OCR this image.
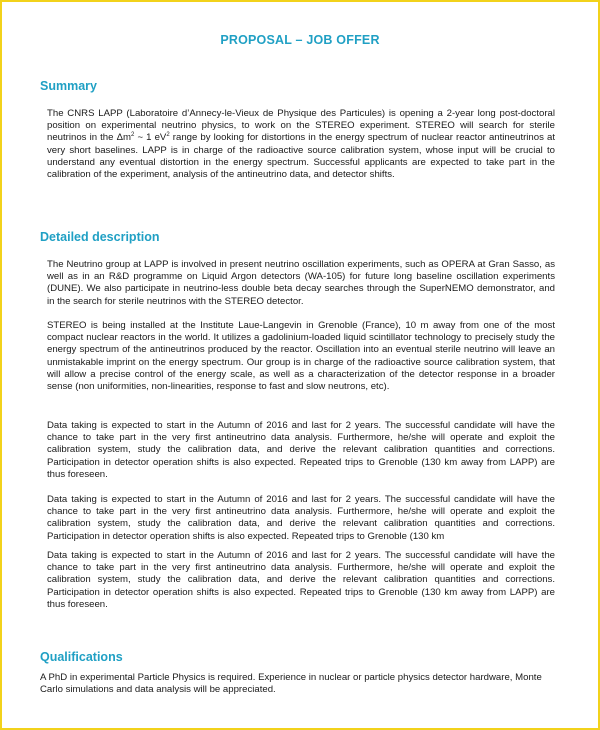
PROPOSAL – JOB OFFER
Summary

The CNRS LAPP (Laboratoire d’Annecy-le-Vieux de Physique des Particules) is opening a 2-year long post-doctoral position on experimental neutrino physics, to work on the STEREO experiment. STEREO will search for sterile neutrinos in the $\Delta m^2$ ~ 1 $eV^2$ range by looking for distortions in the energy spectrum of nuclear reactor antineutrinos at very short baselines. LAPP is in charge of the radioactive source calibration system, whose input will be crucial to understand any eventual distortion in the energy spectrum. Successful applicants are expected to take part in the calibration of the experiment, analysis of the antineutrino data, and detector shifts.

Detailed description

The Neutrino group at LAPP is involved in present neutrino oscillation experiments, such as OPERA at Gran Sasso, as well as in an R&D programme on Liquid Argon detectors (WA-105) for future long baseline oscillation experiments (DUNE). We also participate in neutrino-less double beta decay searches through the SuperNEMO demonstrator, and in the search for sterile neutrinos with the STEREO detector.

STEREO is being installed at the Institute Laue-Langevin in Grenoble (France), 10 m away from one of the most compact nuclear reactors in the world. It utilizes a gadolinium-loaded liquid scintillator technology to precisely study the energy spectrum of the antineutrinos produced by the reactor. Oscillation into an eventual sterile neutrino will leave an unmistakable imprint on the energy spectrum. Our group is in charge of the radioactive source calibration system, that will allow a precise control of the energy scale, as well as a characterization of the detector response in a broader sense (non uniformities, non-linearities, response to fast and slow neutrons, etc).

Data taking is expected to start in the Autumn of 2016 and last for 2 years. The successful candidate will have the chance to take part in the very first antineutrino data analysis. Furthermore, he/she will operate and exploit the calibration system, study the calibration data, and derive the relevant calibration quantities and corrections. Participation in detector operation shifts is also expected. Repeated trips to Grenoble (130 km away from LAPP) are thus foreseen.

Data taking is expected to start in the Autumn of 2016 and last for 2 years. The successful candidate will have the chance to take part in the very first antineutrino data analysis. Furthermore, he/she will operate and exploit the calibration system, study the calibration data, and derive the relevant calibration quantities and corrections. Participation in detector operation shifts is also expected. Repeated trips to Grenoble (130 km

Data taking is expected to start in the Autumn of 2016 and last for 2 years. The successful candidate will have the chance to take part in the very first antineutrino data analysis. Furthermore, he/she will operate and exploit the calibration system, study the calibration data, and derive the relevant calibration quantities and corrections. Participation in detector operation shifts is also expected. Repeated trips to Grenoble (130 km away from LAPP) are thus foreseen.

Qualifications

A PhD in experimental Particle Physics is required. Experience in nuclear or particle physics detector hardware, Monte Carlo simulations and data analysis will be appreciated.
